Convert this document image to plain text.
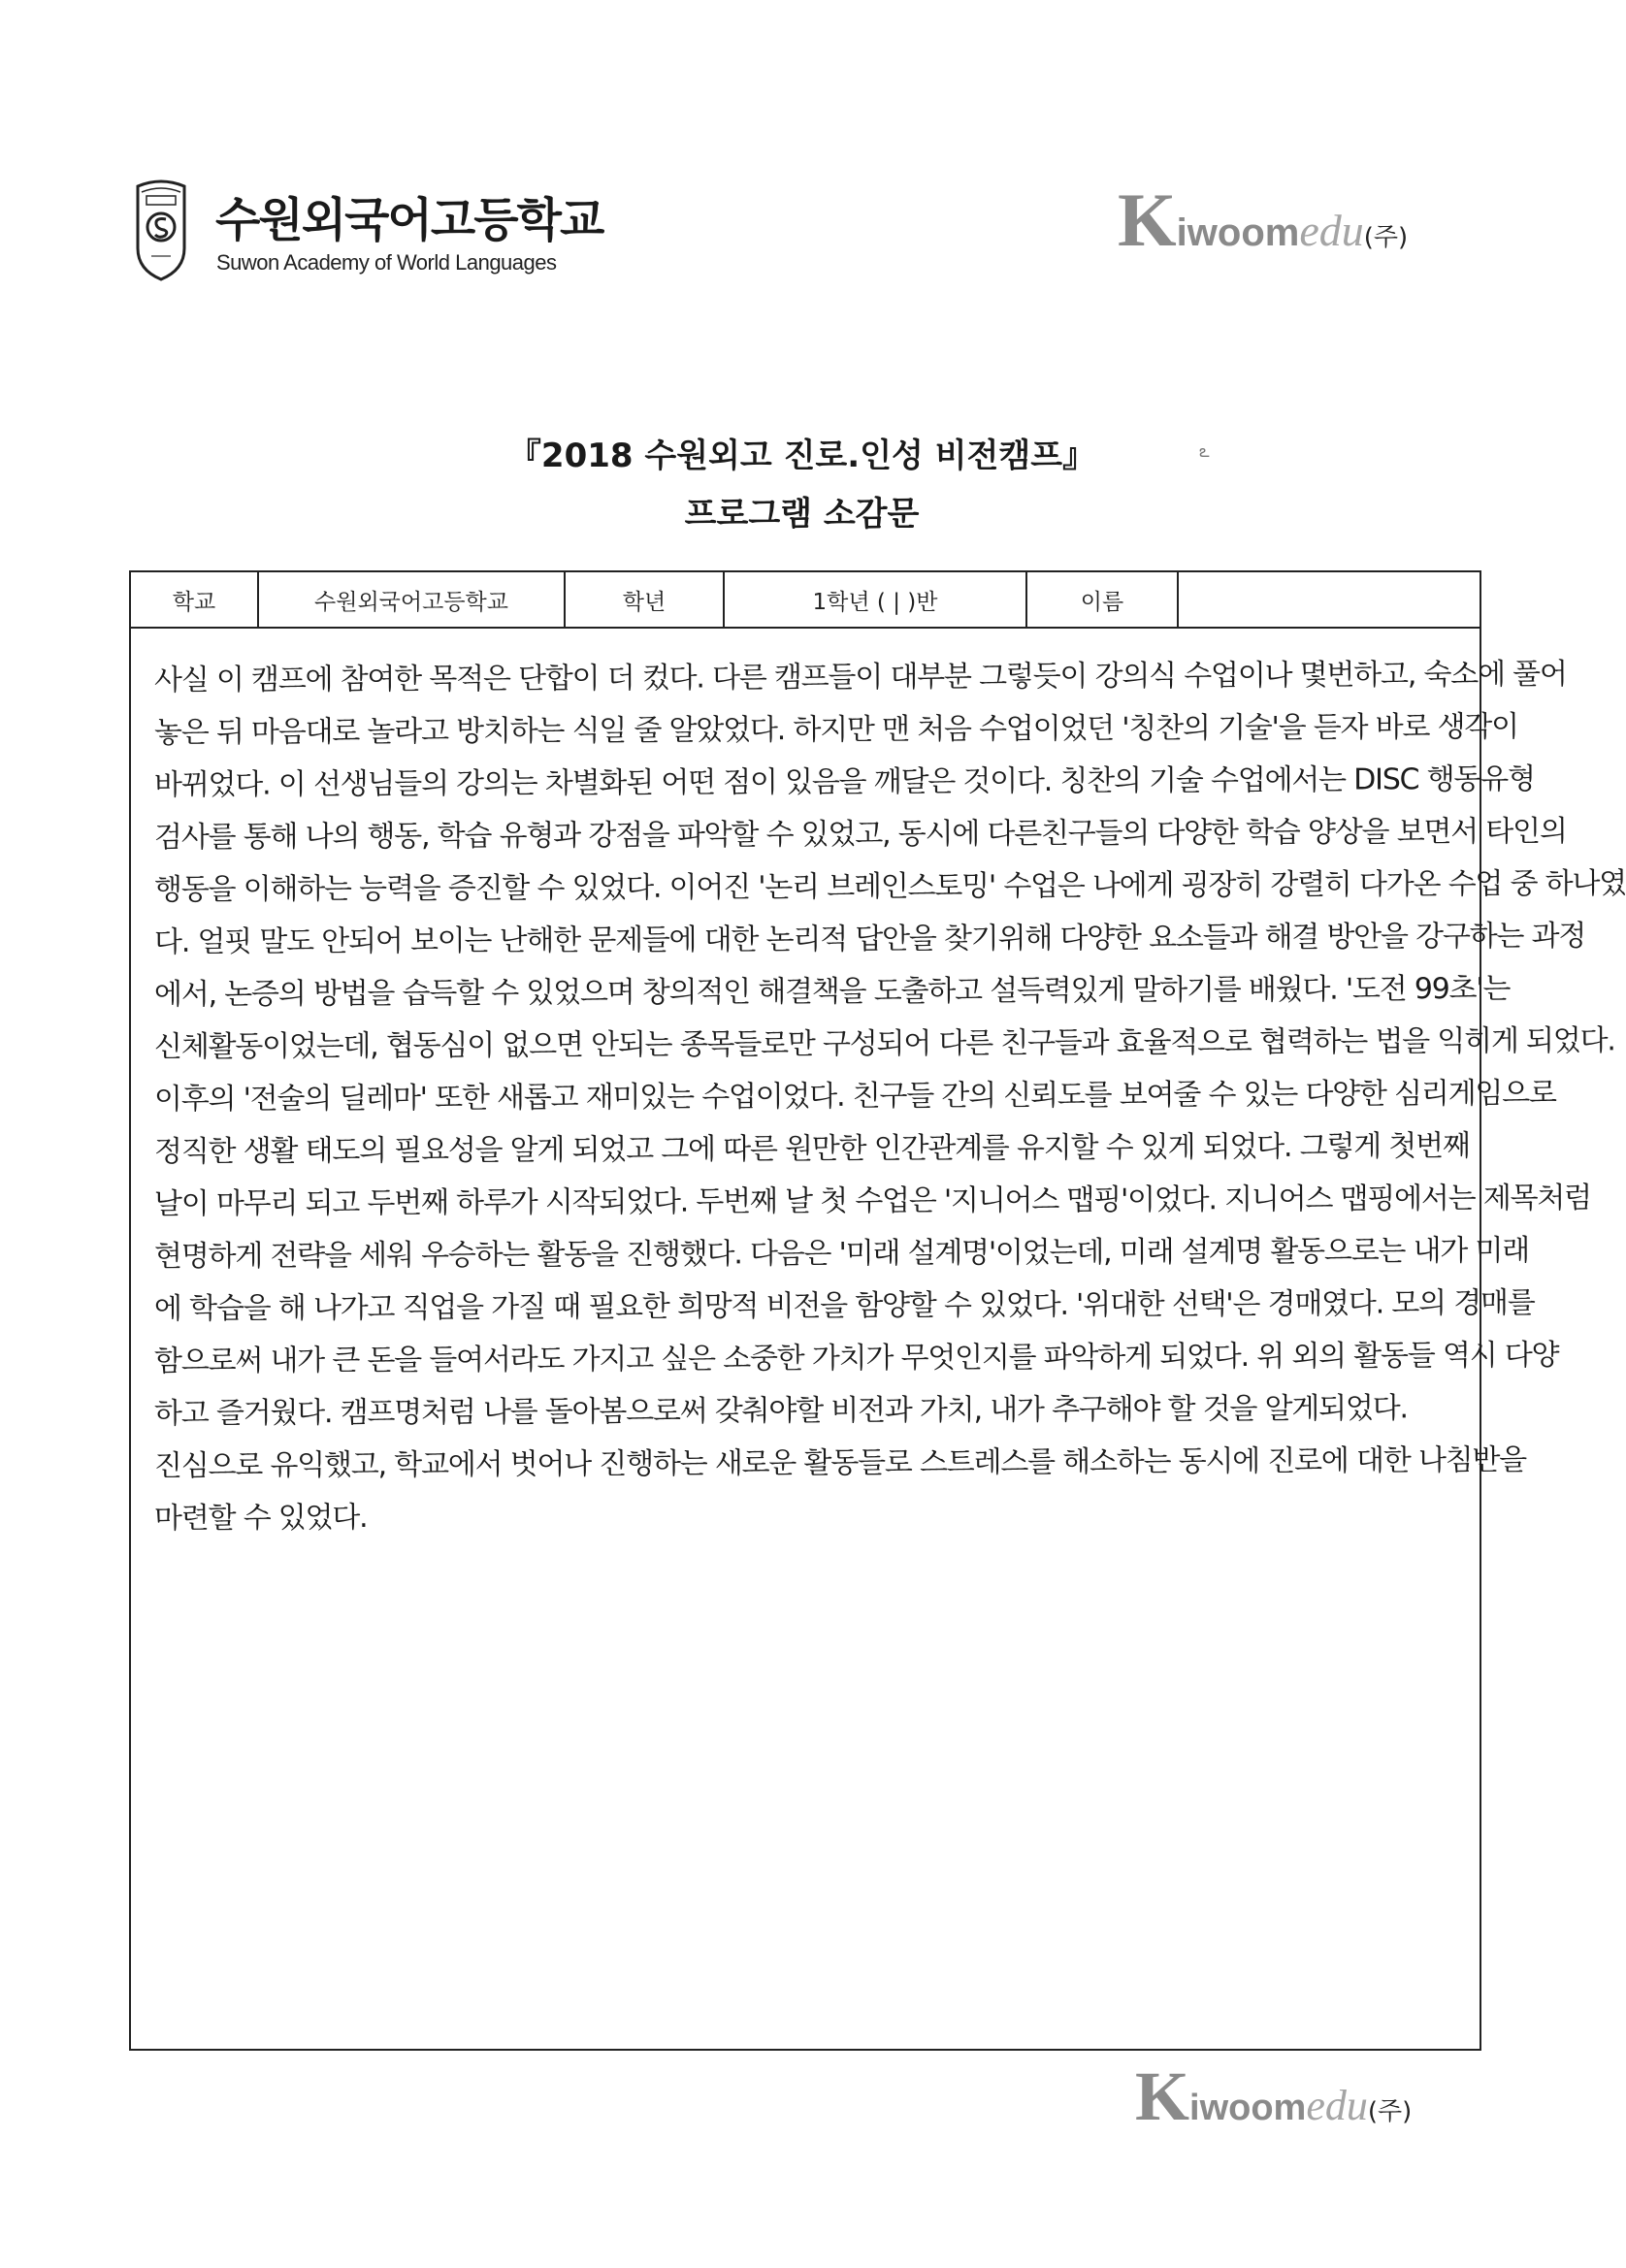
수원외국어고등학교
Suwon Academy of World Languages
Kiwoomedu(주)
『2018 수원외고 진로.인성 비전캠프』	ఽ
프로그램 소감문
학교	수원외국어고등학교	학년	1학년 ( | )반	이름
사실 이 캠프에 참여한 목적은 단합이 더 컸다. 다른 캠프들이 대부분 그렇듯이 강의식 수업이나 몇번하고, 숙소에 풀어
놓은 뒤 마음대로 놀라고 방치하는 식일 줄 알았었다. 하지만 맨 처음 수업이었던 '칭찬의 기술'을 듣자 바로 생각이
바뀌었다. 이 선생님들의 강의는 차별화된 어떤 점이 있음을 깨달은 것이다. 칭찬의 기술 수업에서는 DISC 행동유형
검사를 통해 나의 행동, 학습 유형과 강점을 파악할 수 있었고, 동시에 다른친구들의 다양한 학습 양상을 보면서 타인의
행동을 이해하는 능력을 증진할 수 있었다. 이어진 '논리 브레인스토밍' 수업은 나에게 굉장히 강렬히 다가온 수업 중 하나였
다. 얼핏 말도 안되어 보이는 난해한 문제들에 대한 논리적 답안을 찾기위해 다양한 요소들과 해결 방안을 강구하는 과정
에서, 논증의 방법을 습득할 수 있었으며 창의적인 해결책을 도출하고 설득력있게 말하기를 배웠다. '도전 99초'는
신체활동이었는데, 협동심이 없으면 안되는 종목들로만 구성되어 다른 친구들과 효율적으로 협력하는 법을 익히게 되었다.
이후의 '전술의 딜레마' 또한 새롭고 재미있는 수업이었다. 친구들 간의 신뢰도를 보여줄 수 있는 다양한 심리게임으로
정직한 생활 태도의 필요성을 알게 되었고 그에 따른 원만한 인간관계를 유지할 수 있게 되었다. 그렇게 첫번째
날이 마무리 되고 두번째 하루가 시작되었다. 두번째 날 첫 수업은 '지니어스 맵핑'이었다. 지니어스 맵핑에서는 제목처럼
현명하게 전략을 세워 우승하는 활동을 진행했다. 다음은 '미래 설계명'이었는데, 미래 설계명 활동으로는 내가 미래
에 학습을 해 나가고 직업을 가질 때 필요한 희망적 비전을 함양할 수 있었다. '위대한 선택'은 경매였다. 모의 경매를
함으로써 내가 큰 돈을 들여서라도 가지고 싶은 소중한 가치가 무엇인지를 파악하게 되었다. 위 외의 활동들 역시 다양
하고 즐거웠다. 캠프명처럼 나를 돌아봄으로써 갖춰야할 비전과 가치, 내가 추구해야 할 것을 알게되었다.
진심으로 유익했고, 학교에서 벗어나 진행하는 새로운 활동들로 스트레스를 해소하는 동시에 진로에 대한 나침반을
마련할 수 있었다.
Kiwoomedu(주)
